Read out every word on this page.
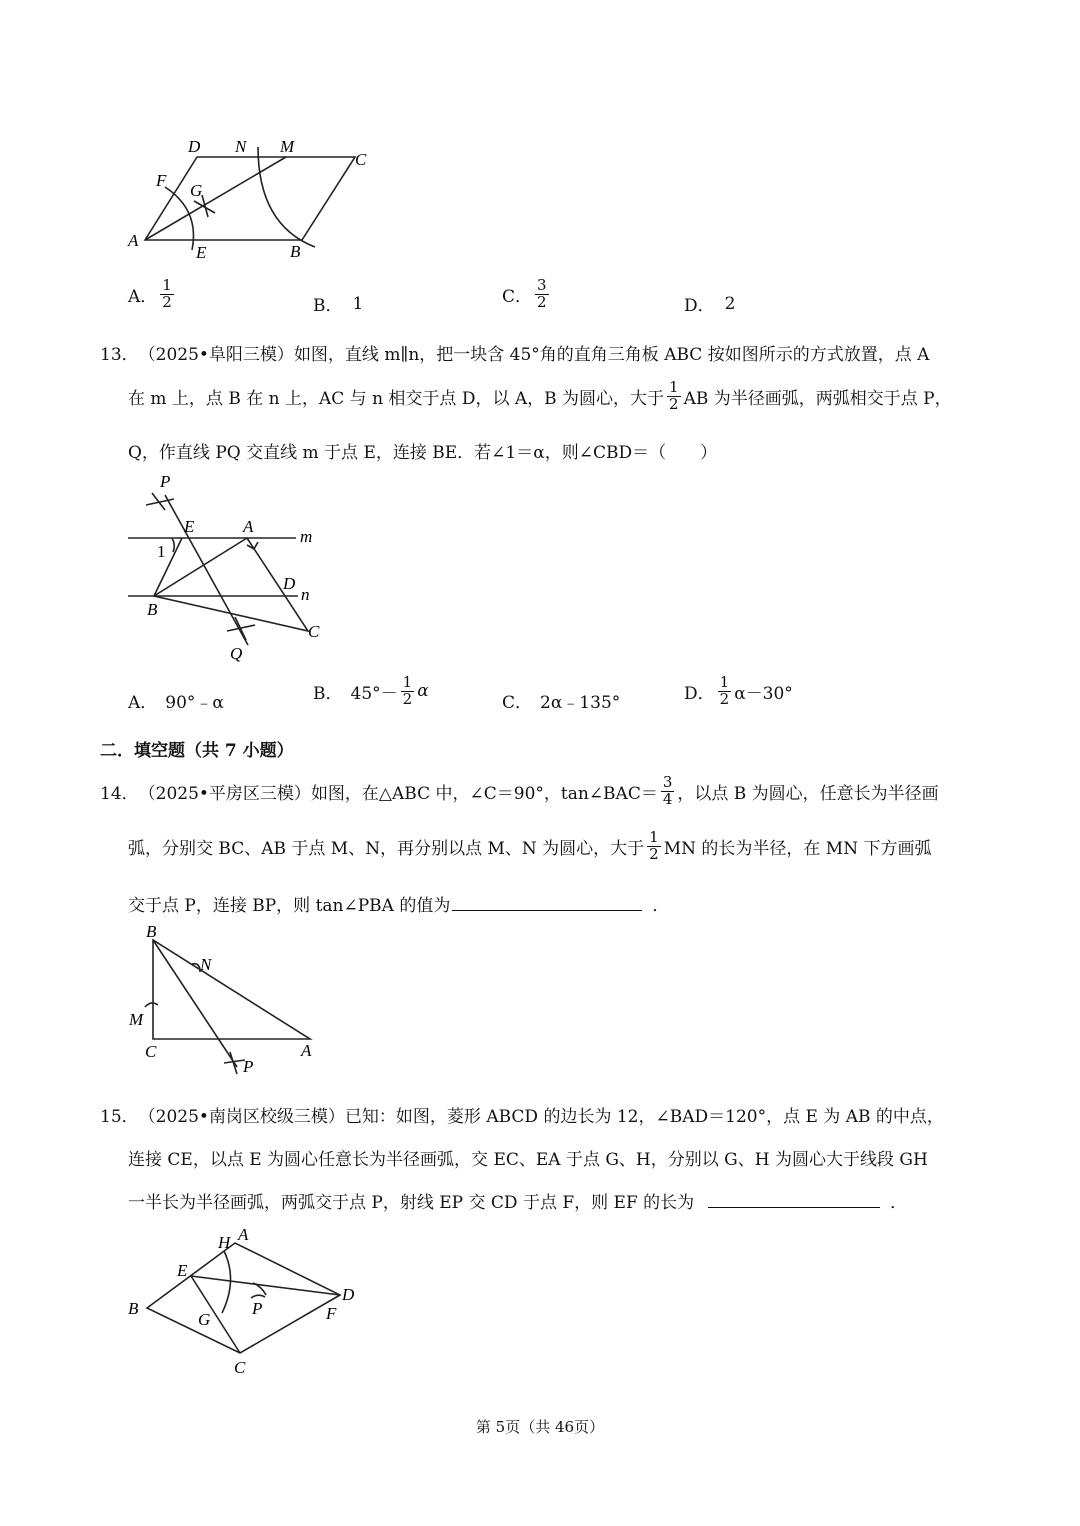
D N M
C
F
G
A
E	B
A． $\frac{1}{2}$	B． 1	C． $\frac{3}{2}$	D． 2
13． （2025•阜阳三模） 如图，直线 m∥n，把一块含 45°角的直角三角板 ABC 按如图所示的方式放置，点 A
在 m 上，点 B 在 n 上，AC 与 n 相交于点 D，以 A，B 为圆心，大于 $\frac{1}{2}$ AB 为半径画弧，两弧相交于点 P，
Q，作直线 PQ 交直线 m 于点 E，连接 BE．若∠1＝α，则∠CBD＝（　　）
P
E	A
m
1
D
n
B
C
Q
A． 90°﹣α	B． $45^\circ- \frac{1}{2}$ α
C． 2α﹣135°	D． $\frac{1}{2} \alpha-30^\circ$
二．填空题（共 7 小题）
14． （2025•平房区三模） 如图，在△ABC 中，∠C＝90°，tan∠BAC＝ $\frac{3}{4}$ ，以点 B 为圆心，任意长为半径画
弧，分别交 BC、AB 于点 M、N，再分别以点 M、N 为圆心，大于 $\frac{1}{2}$ MN 的长为半径，在 MN 下方画弧
交于点 P，连接 BP，则 tan∠PBA 的值为	．
B
N
M
C	A
P
15． （2025•南岗区校级三模） 已知：如图，菱形 ABCD 的边长为 12，∠BAD＝120°，点 E 为 AB 的中点，
连接 CE，以点 E 为圆心任意长为半径画弧，交 EC、EA 于点 G、H，分别以 G、H 为圆心大于线段 GH
一半长为半径画弧，两弧交于点 P，射线 EP 交 CD 于点 F，则 EF 的长为	．
H A
E
D
B
G
P	F
C
第 5页（共 46页）
